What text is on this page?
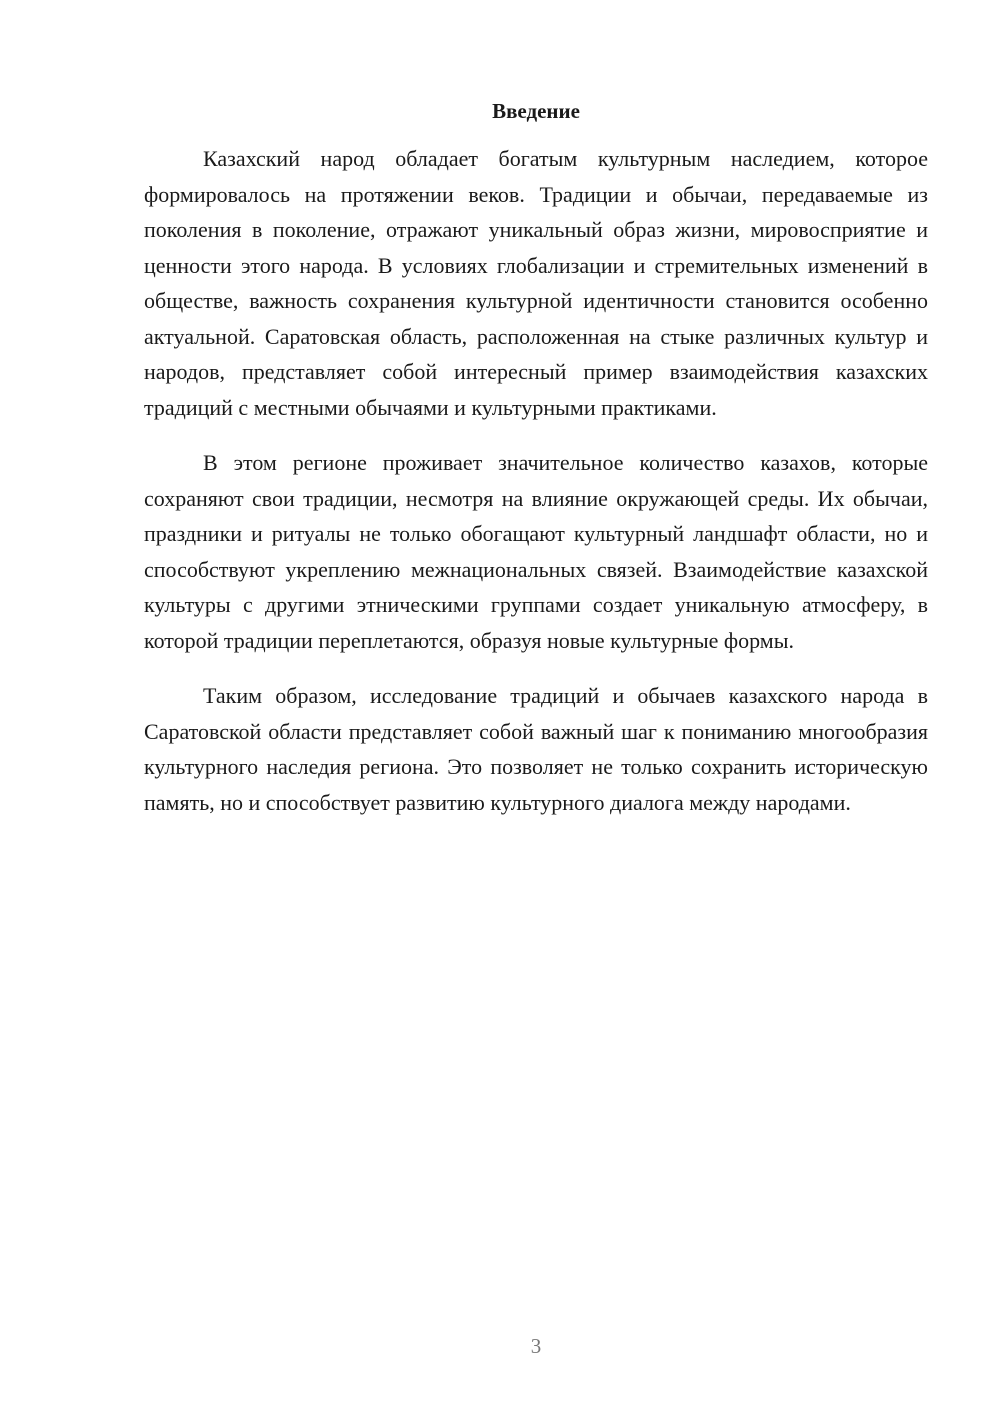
Введение

Казахский народ обладает богатым культурным наследием, которое формировалось на протяжении веков. Традиции и обычаи, передаваемые из поколения в поколение, отражают уникальный образ жизни, мировосприятие и ценности этого народа. В условиях глобализации и стремительных изменений в обществе, важность сохранения культурной идентичности становится особенно актуальной. Саратовская область, расположенная на стыке различных культур и народов, представляет собой интересный пример взаимодействия казахских традиций с местными обычаями и культурными практиками.

В этом регионе проживает значительное количество казахов, которые сохраняют свои традиции, несмотря на влияние окружающей среды. Их обычаи, праздники и ритуалы не только обогащают культурный ландшафт области, но и способствуют укреплению межнациональных связей. Взаимодействие казахской культуры с другими этническими группами создает уникальную атмосферу, в которой традиции переплетаются, образуя новые культурные формы.

Таким образом, исследование традиций и обычаев казахского народа в Саратовской области представляет собой важный шаг к пониманию многообразия культурного наследия региона. Это позволяет не только сохранить историческую память, но и способствует развитию культурного диалога между народами.

3
